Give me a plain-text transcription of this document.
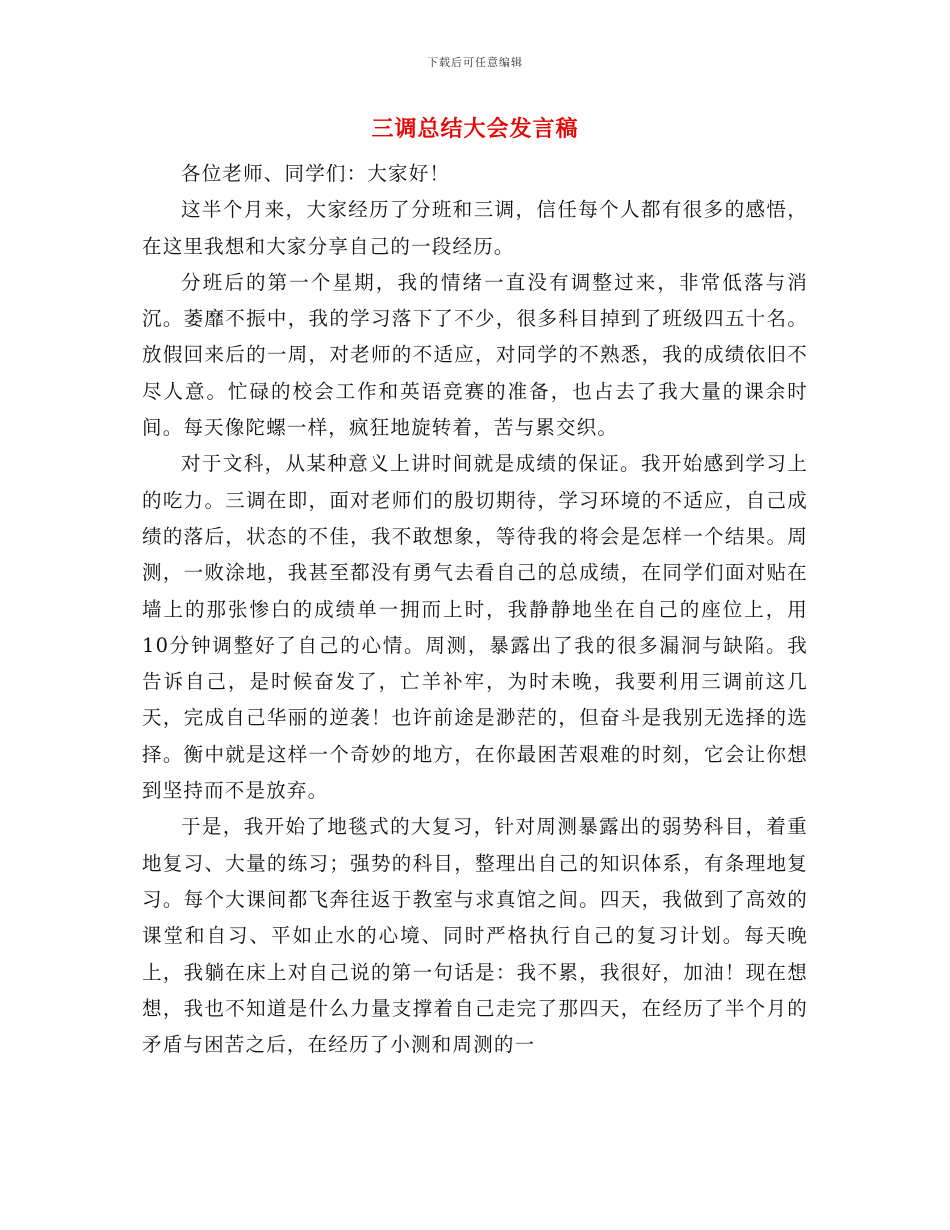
下载后可任意编辑
三调总结大会发言稿

各位老师、同学们：大家好！

这半个月来，大家经历了分班和三调，信任每个人都有很多的感悟，在这里我想和大家分享自己的一段经历。

分班后的第一个星期，我的情绪一直没有调整过来，非常低落与消沉。萎靡不振中，我的学习落下了不少，很多科目掉到了班级四五十名。放假回来后的一周，对老师的不适应，对同学的不熟悉，我的成绩依旧不尽人意。忙碌的校会工作和英语竞赛的准备，也占去了我大量的课余时间。每天像陀螺一样，疯狂地旋转着，苦与累交织。

对于文科，从某种意义上讲时间就是成绩的保证。我开始感到学习上的吃力。三调在即，面对老师们的殷切期待，学习环境的不适应，自己成绩的落后，状态的不佳，我不敢想象，等待我的将会是怎样一个结果。周测，一败涂地，我甚至都没有勇气去看自己的总成绩，在同学们面对贴在墙上的那张惨白的成绩单一拥而上时，我静静地坐在自己的座位上，用10分钟调整好了自己的心情。周测，暴露出了我的很多漏洞与缺陷。我告诉自己，是时候奋发了，亡羊补牢，为时未晚，我要利用三调前这几天，完成自己华丽的逆袭！也许前途是渺茫的，但奋斗是我别无选择的选择。衡中就是这样一个奇妙的地方，在你最困苦艰难的时刻，它会让你想到坚持而不是放弃。

于是，我开始了地毯式的大复习，针对周测暴露出的弱势科目，着重地复习、大量的练习；强势的科目，整理出自己的知识体系，有条理地复习。每个大课间都飞奔往返于教室与求真馆之间。四天，我做到了高效的课堂和自习、平如止水的心境、同时严格执行自己的复习计划。每天晚上，我躺在床上对自己说的第一句话是：我不累，我很好，加油！现在想想，我也不知道是什么力量支撑着自己走完了那四天，在经历了半个月的矛盾与困苦之后，在经历了小测和周测的一
